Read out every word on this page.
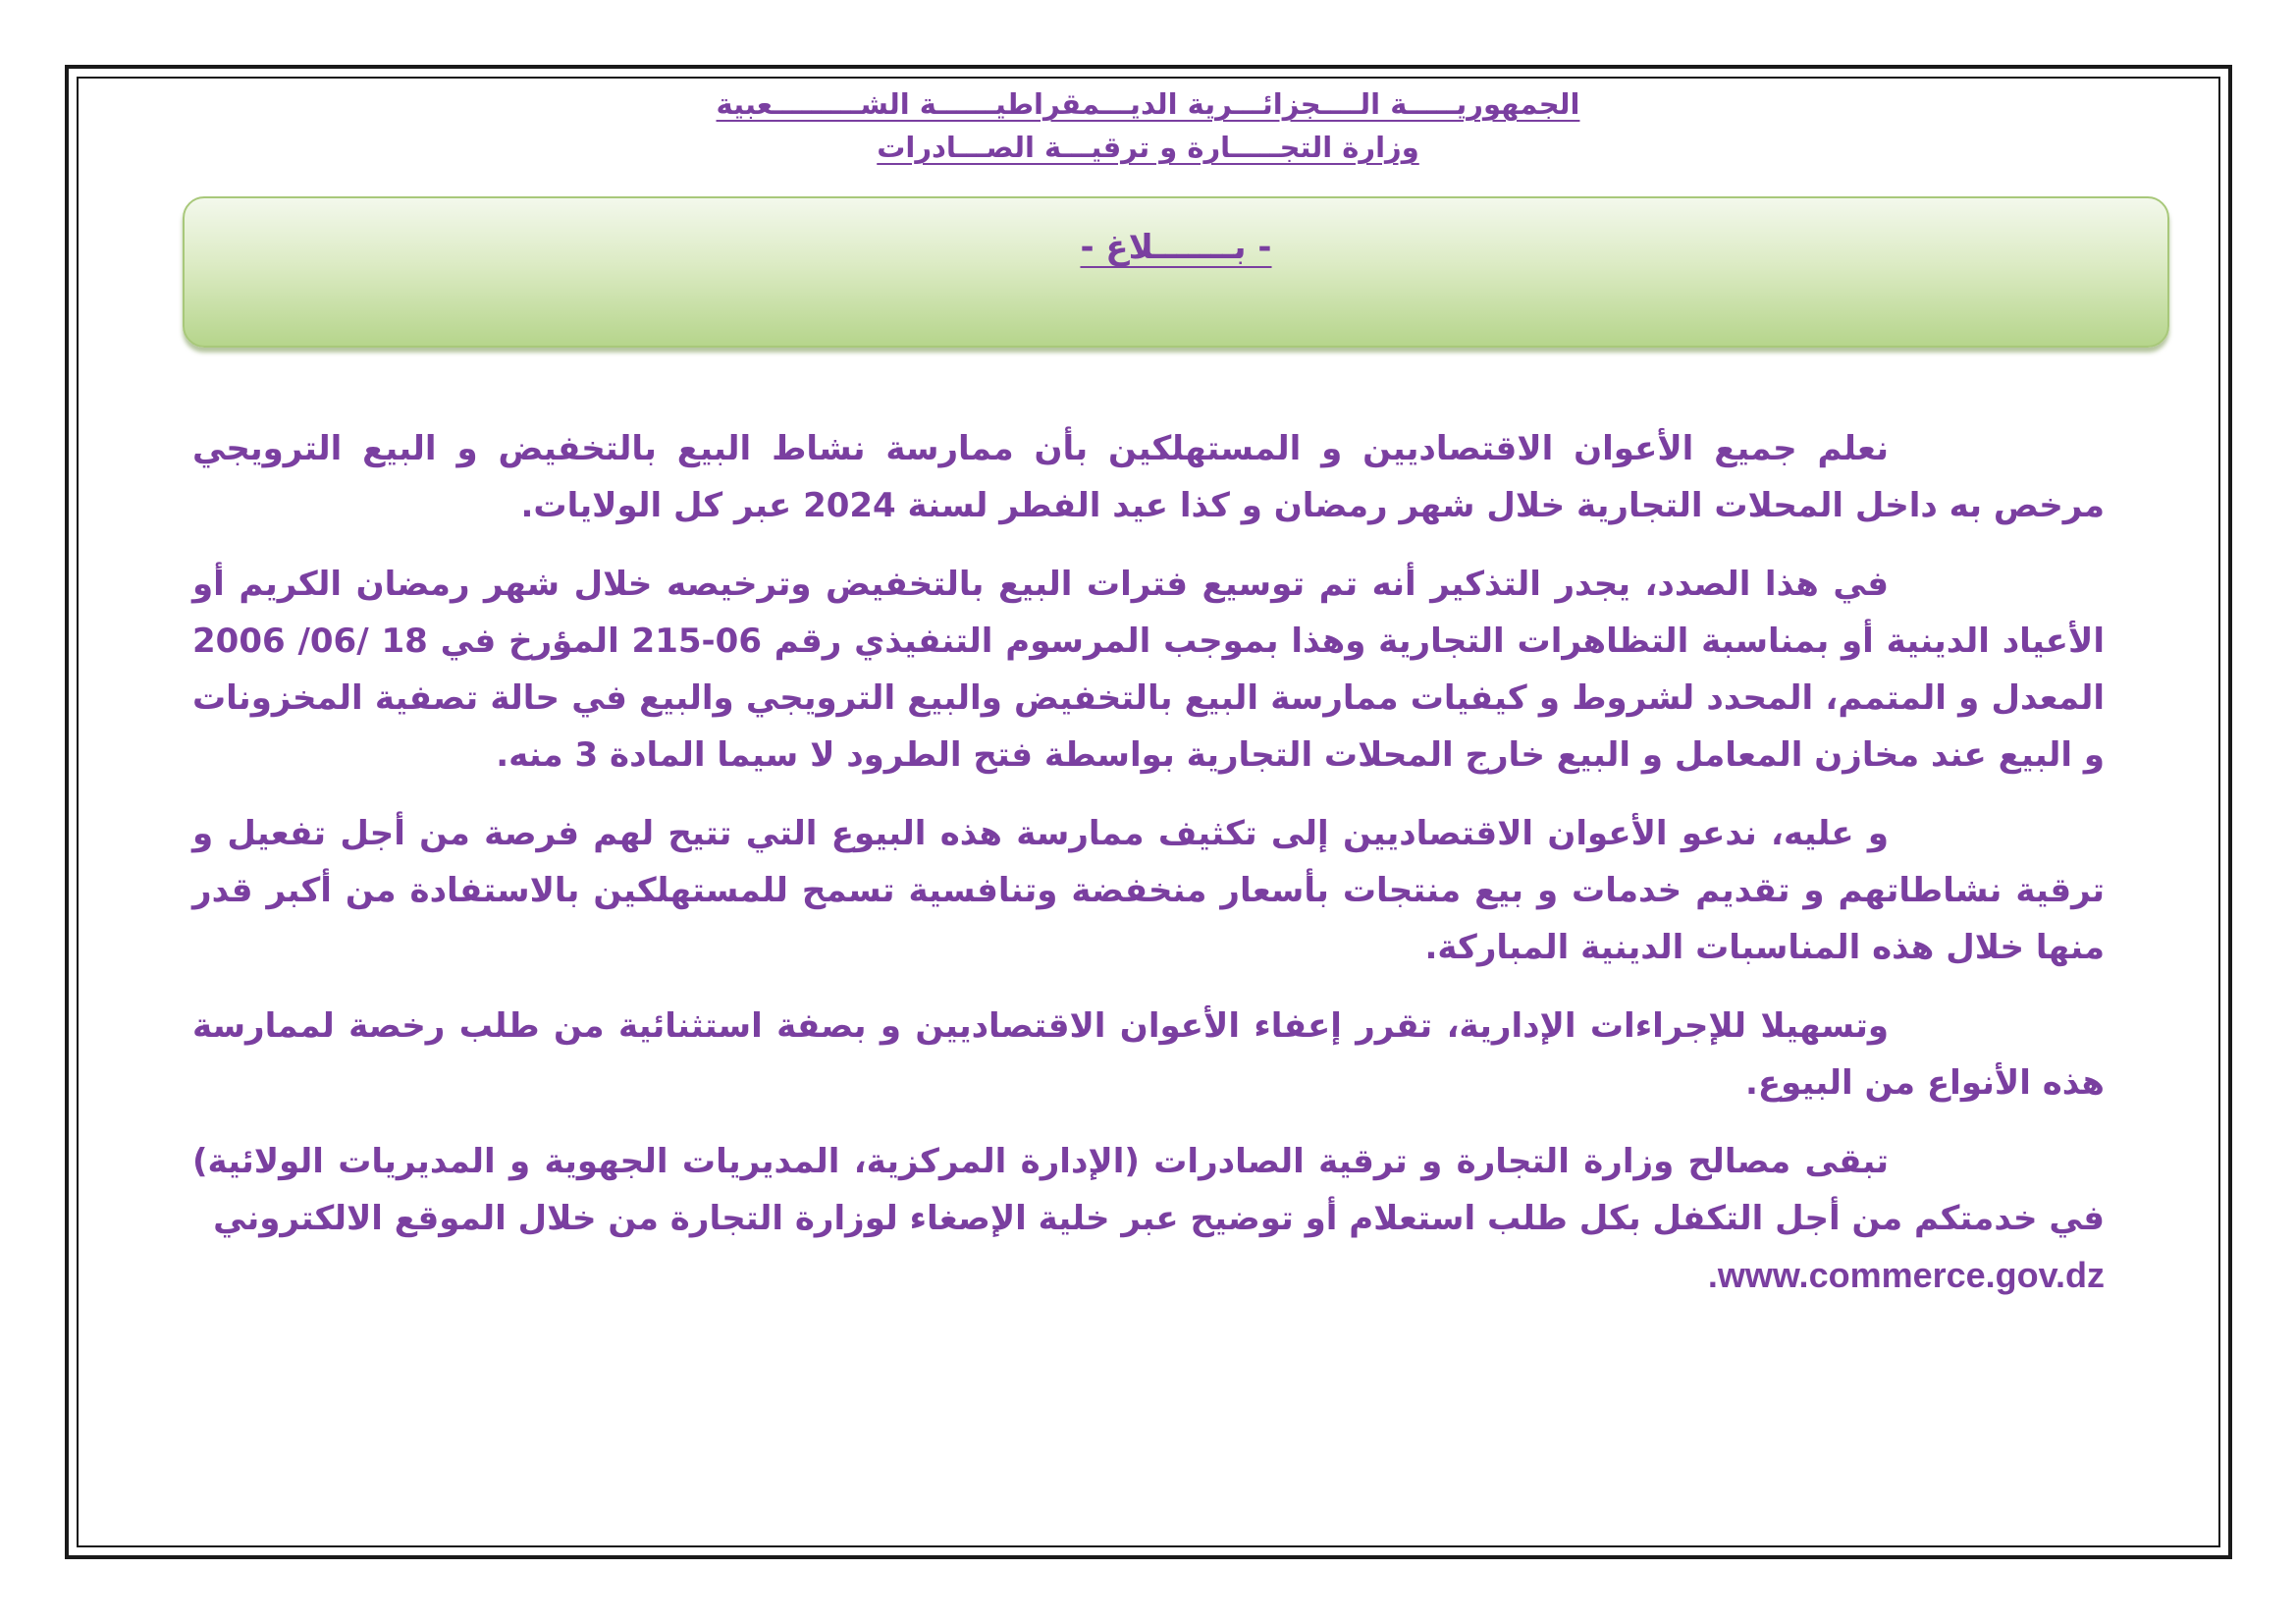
الجمهوريـــــة الــــجزائـــرية الديـــمقراطيــــــة الشـــــــــعبية
وزارة التجـــــارة و ترقيـــة الصـــادرات
- بـــــــلاغ -

نعلم جميع الأعوان الاقتصاديين و المستهلكين بأن ممارسة نشاط البيع بالتخفيض و البيع الترويجي مرخص به داخل المحلات التجارية خلال شهر رمضان و كذا عيد الفطر لسنة 2024 عبر كل الولايات.

في هذا الصدد، يجدر التذكير أنه تم توسيع فترات البيع بالتخفيض وترخيصه خلال شهر رمضان الكريم أو الأعياد الدينية أو بمناسبة التظاهرات التجارية وهذا بموجب المرسوم التنفيذي رقم 06-215 المؤرخ في 18 /06/ 2006 المعدل و المتمم، المحدد لشروط و كيفيات ممارسة البيع بالتخفيض والبيع الترويجي والبيع في حالة تصفية المخزونات و البيع عند مخازن المعامل و البيع خارج المحلات التجارية بواسطة فتح الطرود لا سيما المادة 3 منه.

و عليه، ندعو الأعوان الاقتصاديين إلى تكثيف ممارسة هذه البيوع التي تتيح لهم فرصة من أجل تفعيل و ترقية نشاطاتهم و تقديم خدمات و بيع منتجات بأسعار منخفضة وتنافسية تسمح للمستهلكين بالاستفادة من أكبر قدر منها خلال هذه المناسبات الدينية المباركة.

وتسهيلا للإجراءات الإدارية، تقرر إعفاء الأعوان الاقتصاديين و بصفة استثنائية من طلب رخصة لممارسة هذه الأنواع من البيوع.

تبقى مصالح وزارة التجارة و ترقية الصادرات (الإدارة المركزية، المديريات الجهوية و المديريات الولائية) في خدمتكم من أجل التكفل بكل طلب استعلام أو توضيح عبر خلية الإصغاء لوزارة التجارة من خلال الموقع الالكتروني

.www.commerce.gov.dz
